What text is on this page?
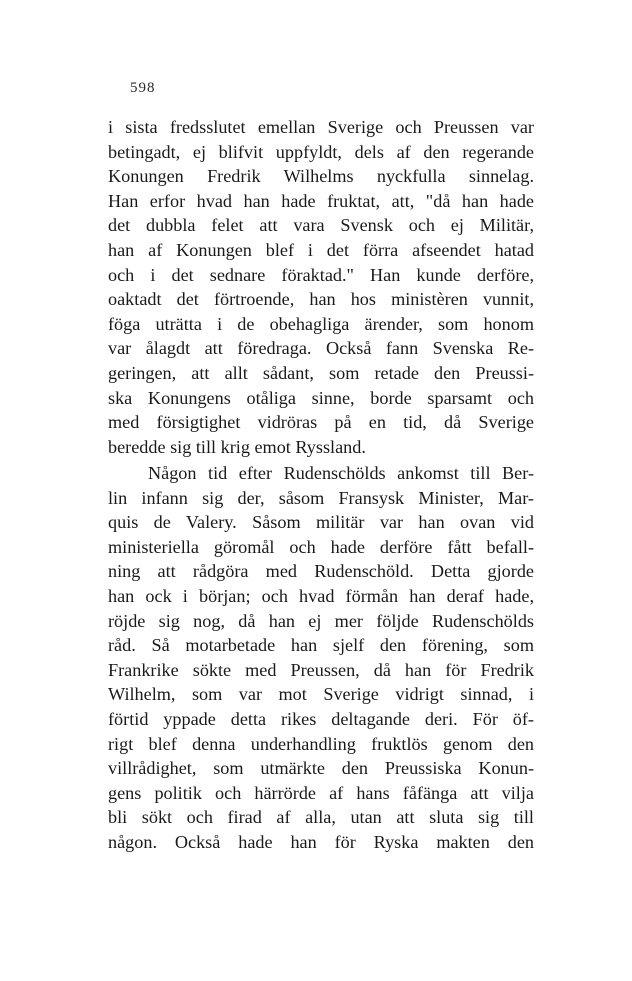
598
i sista fredsslutet emellan Sverige och Preussen var
betingadt, ej blifvit uppfyldt, dels af den regerande
Konungen Fredrik Wilhelms nyckfulla sinnelag.
Han erfor hvad han hade fruktat, att, "då han hade
det dubbla felet att vara Svensk och ej Militär,
han af Konungen blef i det förra afseendet hatad
och i det sednare föraktad." Han kunde derföre,
oaktadt det förtroende, han hos ministèren vunnit,
föga uträtta i de obehagliga ärender, som honom
var ålagdt att föredraga. Också fann Svenska Re-
geringen, att allt sådant, som retade den Preussi-
ska Konungens otåliga sinne, borde sparsamt och
med försigtighet vidröras på en tid, då Sverige
beredde sig till krig emot Ryssland.
Någon tid efter Rudenschölds ankomst till Ber-
lin infann sig der, såsom Fransysk Minister, Mar-
quis de Valery. Såsom militär var han ovan vid
ministeriella göromål och hade derföre fått befall-
ning att rådgöra med Rudenschöld. Detta gjorde
han ock i början; och hvad förmån han deraf hade,
röjde sig nog, då han ej mer följde Rudenschölds
råd. Så motarbetade han sjelf den förening, som
Frankrike sökte med Preussen, då han för Fredrik
Wilhelm, som var mot Sverige vidrigt sinnad, i
förtid yppade detta rikes deltagande deri. För öf-
rigt blef denna underhandling fruktlös genom den
villrådighet, som utmärkte den Preussiska Konun-
gens politik och härrörde af hans fåfänga att vilja
bli sökt och firad af alla, utan att sluta sig till
någon. Också hade han för Ryska makten den
